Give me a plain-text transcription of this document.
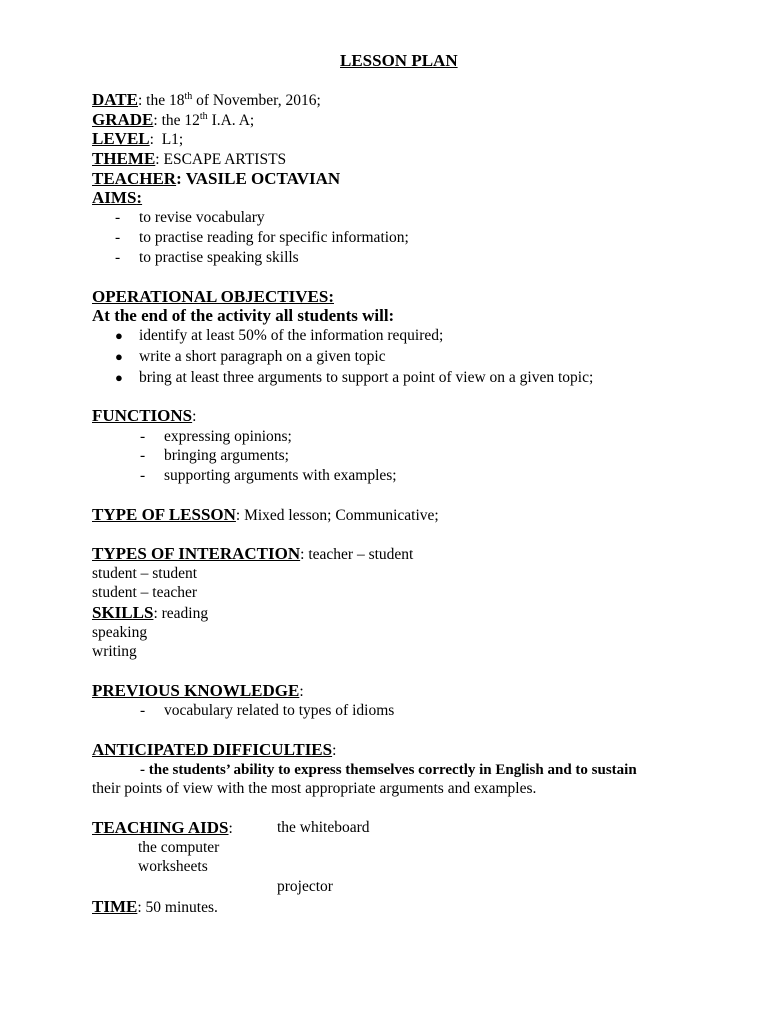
LESSON PLAN
DATE: the 18th of November, 2016;
GRADE: the 12th I.A. A;
LEVEL:  L1;
THEME: ESCAPE ARTISTS
TEACHER: VASILE OCTAVIAN
AIMS:
- to revise vocabulary
- to practise reading for specific information;
- to practise speaking skills
OPERATIONAL OBJECTIVES:
At the end of the activity all students will:
● identify at least 50% of the information required;
● write a short paragraph on a given topic
● bring at least three arguments to support a point of view on a given topic;
FUNCTIONS:
- expressing opinions;
- bringing arguments;
- supporting arguments with examples;
TYPE OF LESSON: Mixed lesson; Communicative;
TYPES OF INTERACTION: teacher – student
student – student
student – teacher
SKILLS: reading
speaking
writing
PREVIOUS KNOWLEDGE:
- vocabulary related to types of idioms
ANTICIPATED DIFFICULTIES:
- the students’ ability to express themselves correctly in English and to sustain
their points of view with the most appropriate arguments and examples.
TEACHING AIDS:	the whiteboard
the computer
worksheets
projector
TIME: 50 minutes.
